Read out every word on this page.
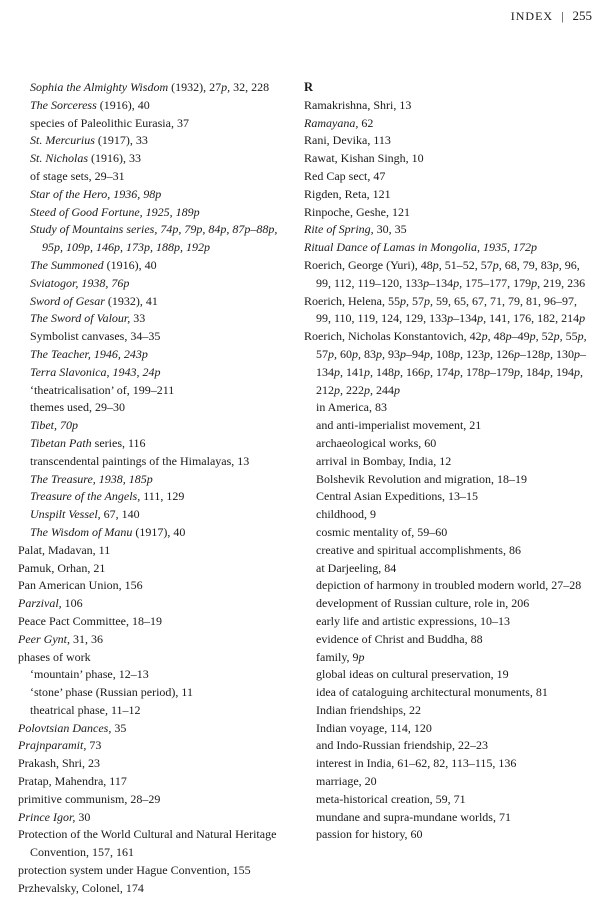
INDEX | 255
Sophia the Almighty Wisdom (1932), 27p, 32, 228
The Sorceress (1916), 40
species of Paleolithic Eurasia, 37
St. Mercurius (1917), 33
St. Nicholas (1916), 33
of stage sets, 29–31
Star of the Hero, 1936, 98p
Steed of Good Fortune, 1925, 189p
Study of Mountains series, 74p, 79p, 84p, 87p–88p, 95p, 109p, 146p, 173p, 188p, 192p
The Summoned (1916), 40
Sviatogor, 1938, 76p
Sword of Gesar (1932), 41
The Sword of Valour, 33
Symbolist canvases, 34–35
The Teacher, 1946, 243p
Terra Slavonica, 1943, 24p
‘theatricalisation’ of, 199–211
themes used, 29–30
Tibet, 70p
Tibetan Path series, 116
transcendental paintings of the Himalayas, 13
The Treasure, 1938, 185p
Treasure of the Angels, 111, 129
Unspilt Vessel, 67, 140
The Wisdom of Manu (1917), 40
Palat, Madavan, 11
Pamuk, Orhan, 21
Pan American Union, 156
Parzival, 106
Peace Pact Committee, 18–19
Peer Gynt, 31, 36
phases of work
‘mountain’ phase, 12–13
‘stone’ phase (Russian period), 11
theatrical phase, 11–12
Polovtsian Dances, 35
Prajnparamit, 73
Prakash, Shri, 23
Pratap, Mahendra, 117
primitive communism, 28–29
Prince Igor, 30
Protection of the World Cultural and Natural Heritage Convention, 157, 161
protection system under Hague Convention, 155
Przhevalsky, Colonel, 174
R
Ramakrishna, Shri, 13
Ramayana, 62
Rani, Devika, 113
Rawat, Kishan Singh, 10
Red Cap sect, 47
Rigden, Reta, 121
Rinpoche, Geshe, 121
Rite of Spring, 30, 35
Ritual Dance of Lamas in Mongolia, 1935, 172p
Roerich, George (Yuri), 48p, 51–52, 57p, 68, 79, 83p, 96, 99, 112, 119–120, 133p–134p, 175–177, 179p, 219, 236
Roerich, Helena, 55p, 57p, 59, 65, 67, 71, 79, 81, 96–97, 99, 110, 119, 124, 129, 133p–134p, 141, 176, 182, 214p
Roerich, Nicholas Konstantovich, 42p, 48p–49p, 52p, 55p, 57p, 60p, 83p, 93p–94p, 108p, 123p, 126p–128p, 130p–134p, 141p, 148p, 166p, 174p, 178p–179p, 184p, 194p, 212p, 222p, 244p
in America, 83
and anti-imperialist movement, 21
archaeological works, 60
arrival in Bombay, India, 12
Bolshevik Revolution and migration, 18–19
Central Asian Expeditions, 13–15
childhood, 9
cosmic mentality of, 59–60
creative and spiritual accomplishments, 86
at Darjeeling, 84
depiction of harmony in troubled modern world, 27–28
development of Russian culture, role in, 206
early life and artistic expressions, 10–13
evidence of Christ and Buddha, 88
family, 9p
global ideas on cultural preservation, 19
idea of cataloguing architectural monuments, 81
Indian friendships, 22
Indian voyage, 114, 120
and Indo-Russian friendship, 22–23
interest in India, 61–62, 82, 113–115, 136
marriage, 20
meta-historical creation, 59, 71
mundane and supra-mundane worlds, 71
passion for history, 60
